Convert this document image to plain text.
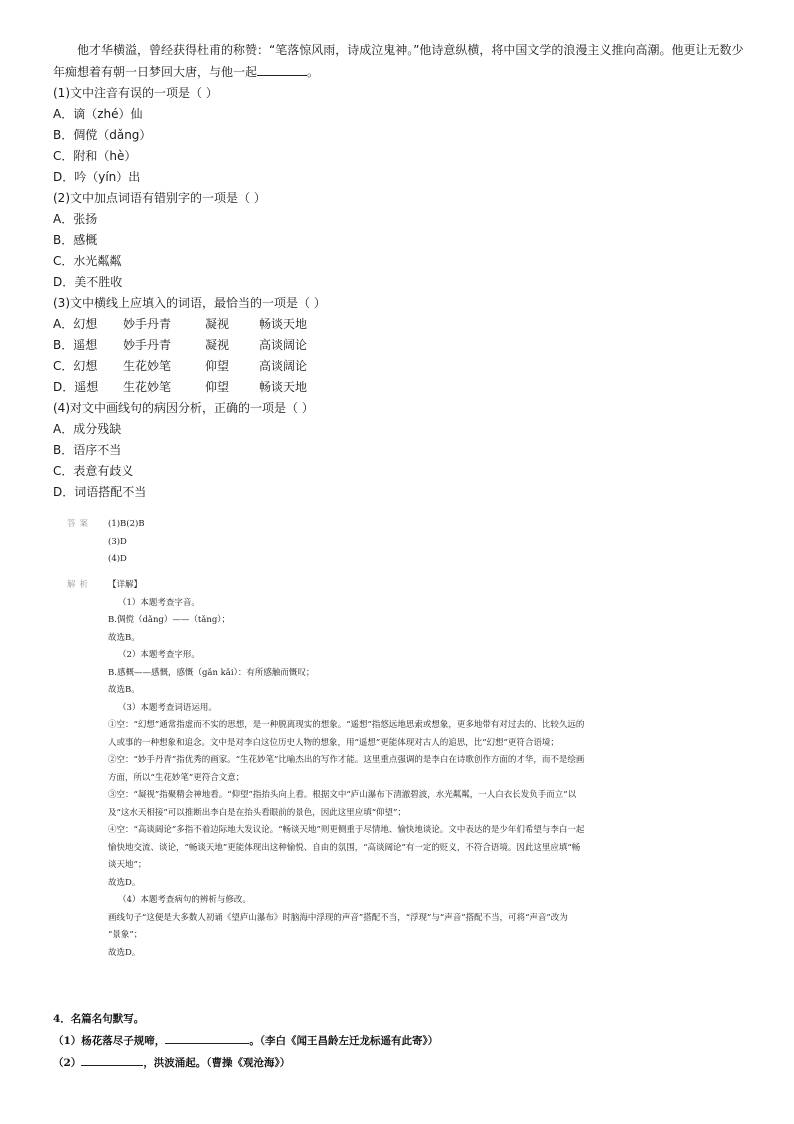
他才华横溢，曾经获得杜甫的称赞：“笔落惊风雨，诗成泣鬼神。”他诗意纵横，将中国文学的浪漫主义推向高潮。他更让无数少年痴想着有朝一日梦回大唐，与他一起	。

(1)文中注音有误的一项是（ ）

A．谪（zhé）仙

B．倜傥（dǎng）

C．附和（hè）

D．吟（yín）出

(2)文中加点词语有错别字的一项是（ ）

A．张扬

B．感概

C．水光粼粼

D．美不胜收

(3)文中横线上应填入的词语，最恰当的一项是（ ）

A．幻想 妙手丹青	凝视 畅谈天地

B．遥想 妙手丹青	凝视 高谈阔论

C．幻想 生花妙笔	仰望 高谈阔论

D．遥想 生花妙笔	仰望 畅谈天地

(4)对文中画线句的病因分析，正确的一项是（ ）

A．成分残缺

B．语序不当

C．表意有歧义

D．词语搭配不当

答案 (1)B(2)B

(3)D

(4)D

解析 【详解】

（1）本题考查字音。

B.倜傥（dǎng）——（tǎng）；

故选B。

（2）本题考查字形。

B.感概——感慨，感慨（gǎn kǎi）：有所感触而慨叹；

故选B。

（3）本题考查词语运用。

①空：“幻想”通常指虚而不实的思想，是一种脱离现实的想象。“遥想”指悠远地思索或想象，更多地带有对过去的、比较久远的

人或事的一种想象和追念。文中是对李白这位历史人物的想象，用“遥想”更能体现对古人的追思，比“幻想”更符合语境；

②空：“妙手丹青”指优秀的画家。“生花妙笔”比喻杰出的写作才能。这里重点强调的是李白在诗歌创作方面的才华，而不是绘画

方面，所以“生花妙笔”更符合文意；

③空：“凝视”指聚精会神地看。“仰望”指抬头向上看。根据文中“庐山瀑布下清澈碧波，水光粼粼，一人白衣长发负手而立”以

及“这水天相接”可以推断出李白是在抬头看眼前的景色，因此这里应填“仰望”；

④空：“高谈阔论”多指不着边际地大发议论。“畅谈天地”则更侧重于尽情地、愉快地谈论。文中表达的是少年们希望与李白一起

愉快地交流、谈论，“畅谈天地”更能体现出这种愉悦、自由的氛围，“高谈阔论”有一定的贬义，不符合语境。因此这里应填“畅

谈天地”；

故选D。

（4）本题考查病句的辨析与修改。

画线句子“这便是大多数人初诵《望庐山瀑布》时脑海中浮现的声音”搭配不当，“浮现”与“声音”搭配不当，可将“声音”改为

“景象”；

故选D。

4．名篇名句默写。

（1）杨花落尽子规啼，	。（李白《闻王昌龄左迁龙标遥有此寄》）

（2）	，洪波涌起。（曹操《观沧海》）
